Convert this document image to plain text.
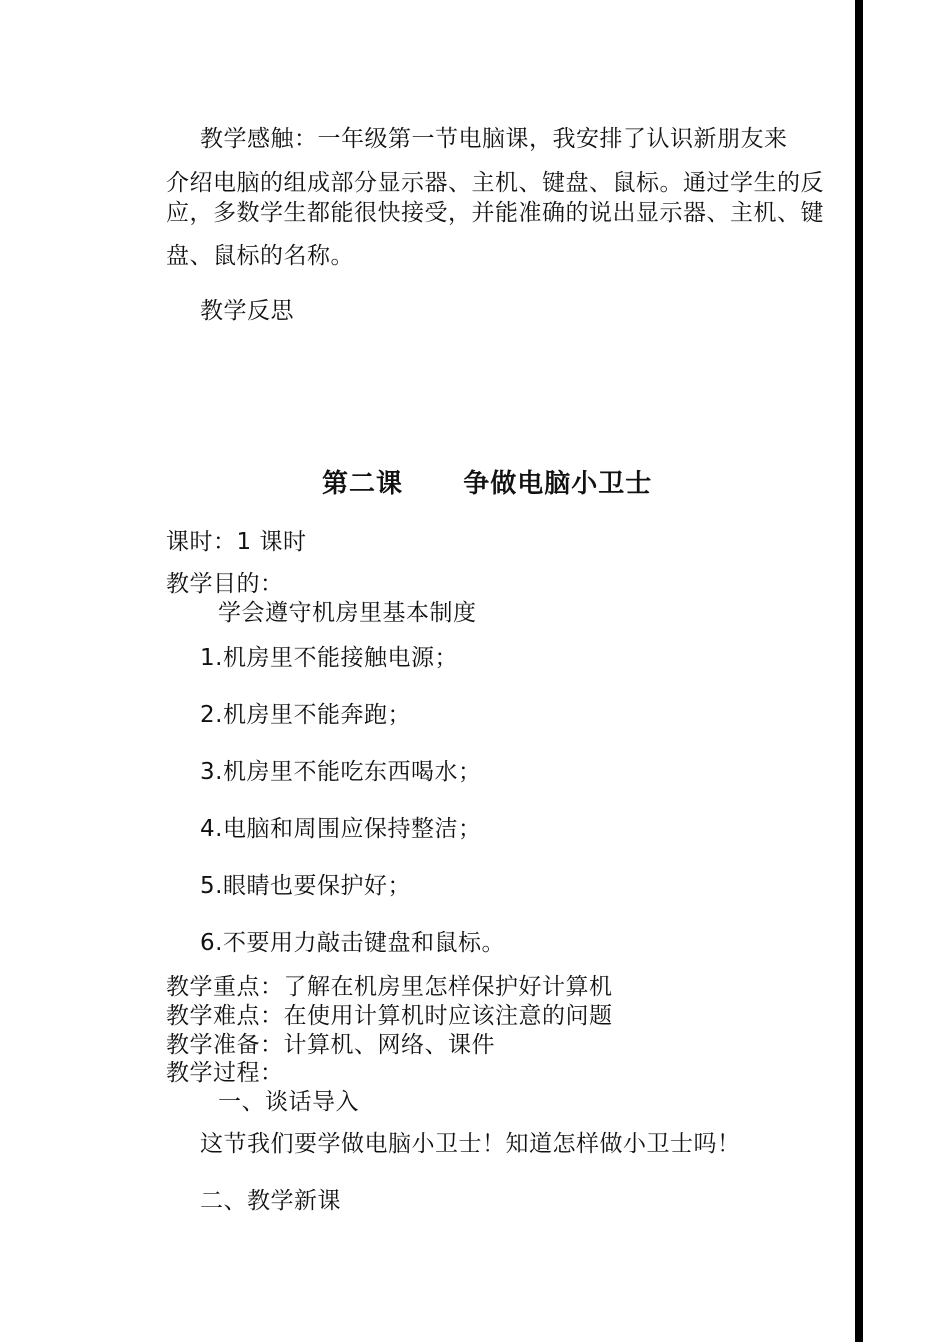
教学感触：一年级第一节电脑课，我安排了认识新朋友来
介绍电脑的组成部分显示器、主机、键盘、鼠标。通过学生的反
应，多数学生都能很快接受，并能准确的说出显示器、主机、键
盘、鼠标的名称。
教学反思
第二课      争做电脑小卫士
课时：1 课时
教学目的：
学会遵守机房里基本制度
1.机房里不能接触电源；
2.机房里不能奔跑；
3.机房里不能吃东西喝水；
4.电脑和周围应保持整洁；
5.眼睛也要保护好；
6.不要用力敲击键盘和鼠标。
教学重点：了解在机房里怎样保护好计算机
教学难点：在使用计算机时应该注意的问题
教学准备：计算机、网络、课件
教学过程：
一、谈话导入
这节我们要学做电脑小卫士！知道怎样做小卫士吗！
二、教学新课
